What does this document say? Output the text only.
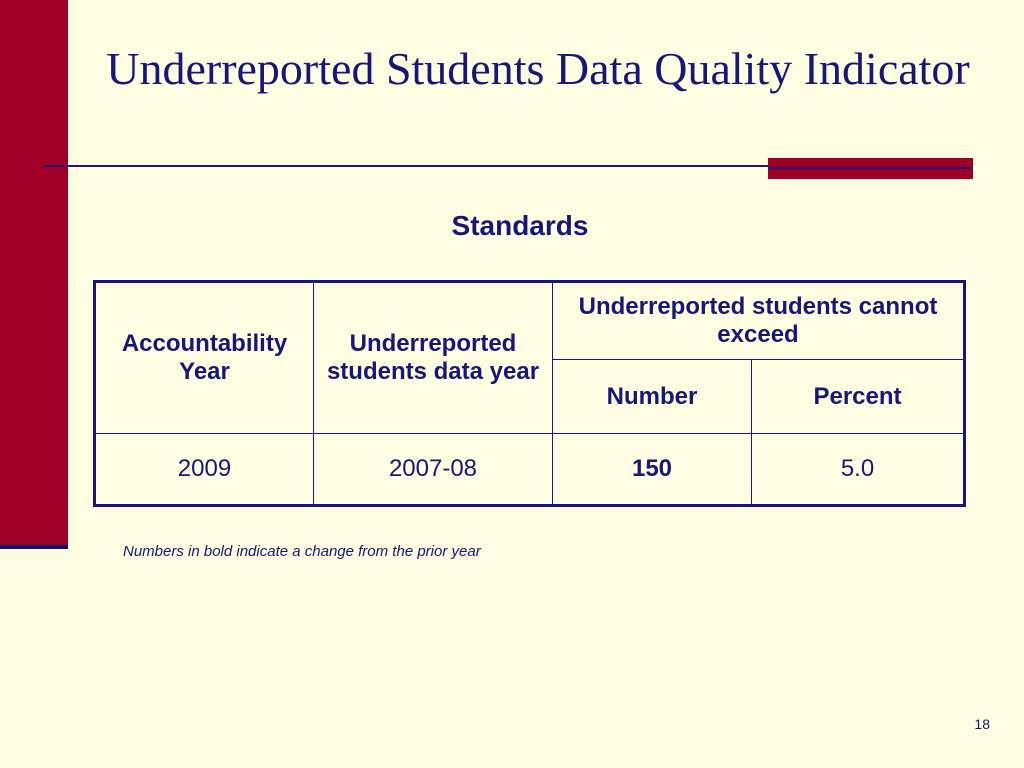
Underreported Students Data Quality Indicator
Standards
Accountability Year	Underreported students data year	Underreported students cannot exceed	
		Number	Percent
2009	2007-08	150	5.0
Numbers in bold indicate a change from the prior year
18
